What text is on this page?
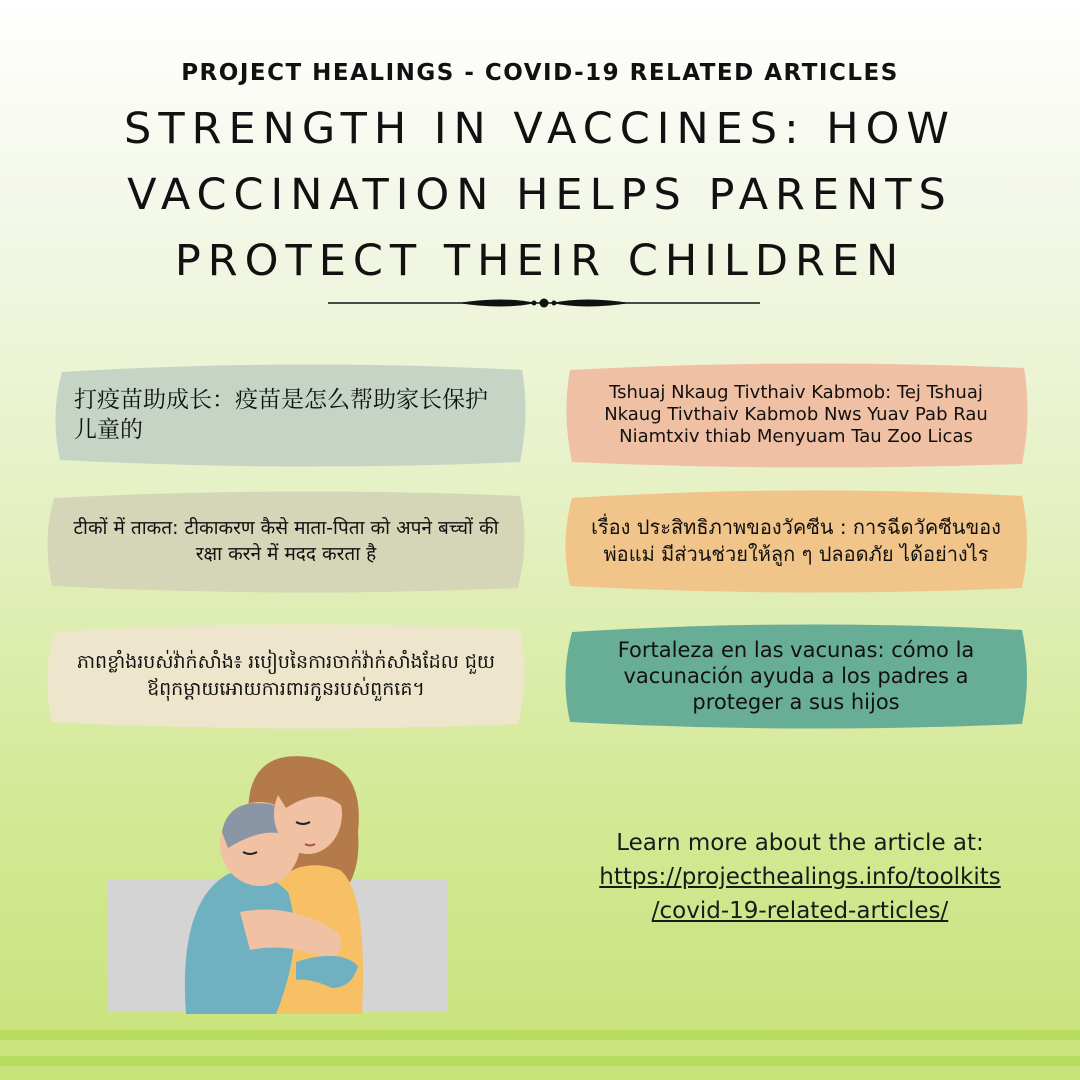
PROJECT HEALINGS - COVID-19 RELATED ARTICLES
STRENGTH IN VACCINES: HOW VACCINATION HELPS PARENTS PROTECT THEIR CHILDREN
打疫苗助成长：疫苗是怎么帮助家长保护儿童的
Tshuaj Nkaug Tivthaiv Kabmob: Tej Tshuaj Nkaug Tivthaiv Kabmob Nws Yuav Pab Rau Niamtxiv thiab Menyuam Tau Zoo Licas
टीकों में ताकत: टीकाकरण कैसे माता-पिता को अपने बच्चों की रक्षा करने में मदद करता है
เรื่อง ประสิทธิภาพของวัคซีน : การฉีดวัคซีนของพ่อแม่ มีส่วนช่วยให้ลูก ๆ ปลอดภัย ได้อย่างไร
ភាពខ្លាំងរបស់វ៉ាក់សាំង៖ របៀបនៃការចាក់វ៉ាក់សាំងដែល ជួយឪពុកម្តាយអោយការពារកូនរបស់ពួកគេ។
Fortaleza en las vacunas: cómo la vacunación ayuda a los padres a proteger a sus hijos
Learn more about the article at:
https://projecthealings.info/toolkits
/covid-19-related-articles/
